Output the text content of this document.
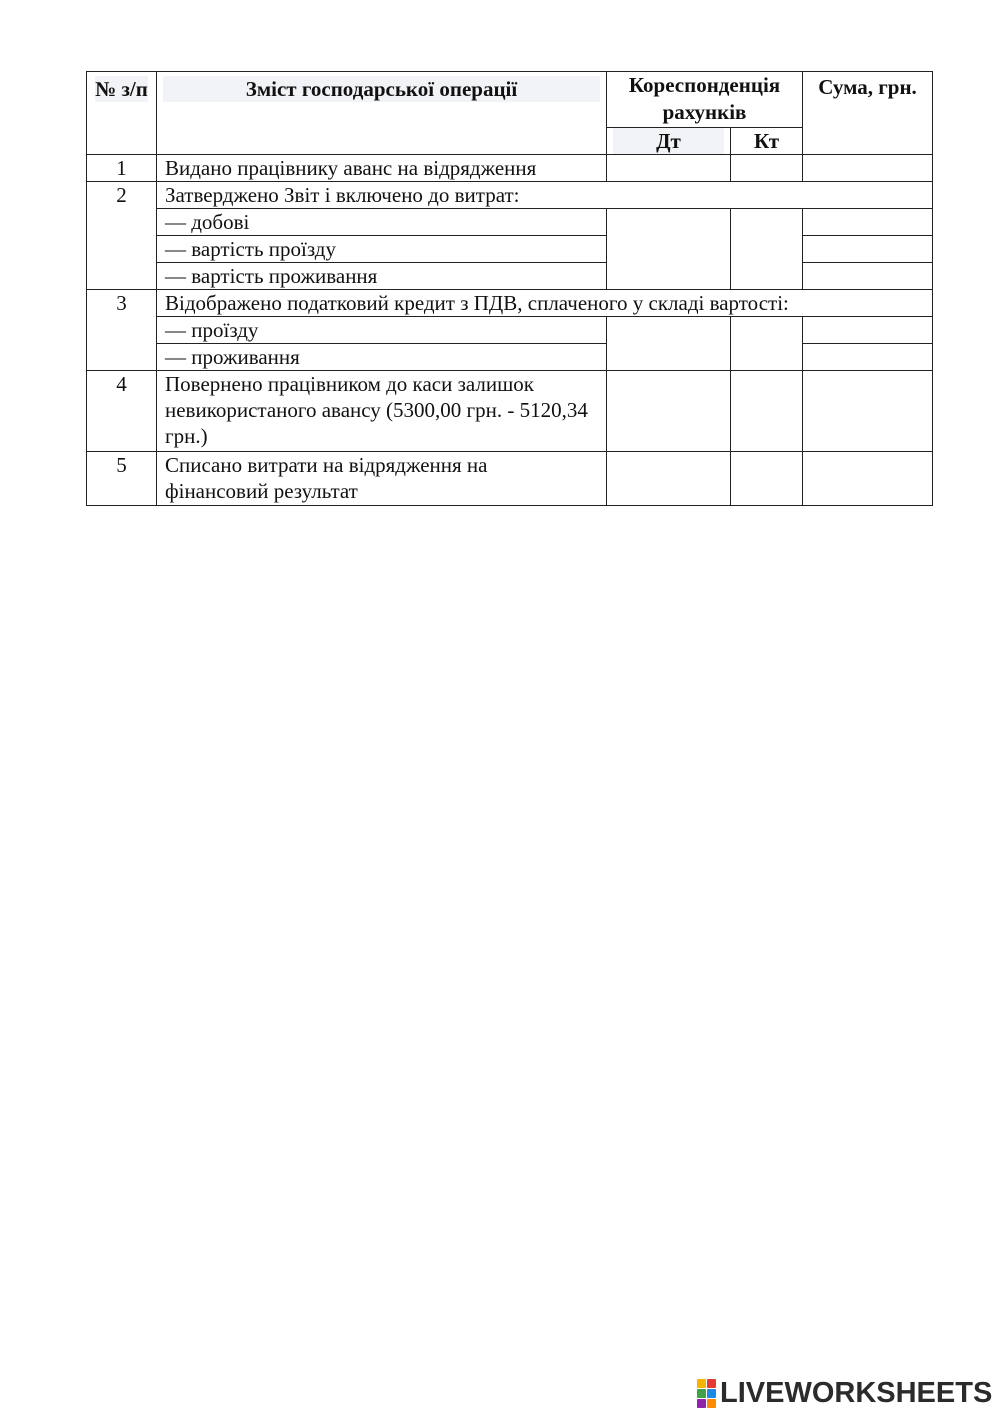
№ з/п	Зміст господарської операції	Кореспонденція рахунків		Сума, грн.

		Дт	Кт	
1	Видано працівнику аванс на відрядження			
2	Затверджено Звіт і включено до витрат:			
	— добові			
	— вартість проїзду			
	— вартість проживання			
3	Відображено податковий кредит з ПДВ, сплаченого у складі вартості:			
	— проїзду			
	— проживання			
4	Повернено працівником до каси залишок невикористаного авансу (5300,00 грн. - 5120,34 грн.)			
5	Списано витрати на відрядження на фінансовий результат			
LIVEWORKSHEETS
